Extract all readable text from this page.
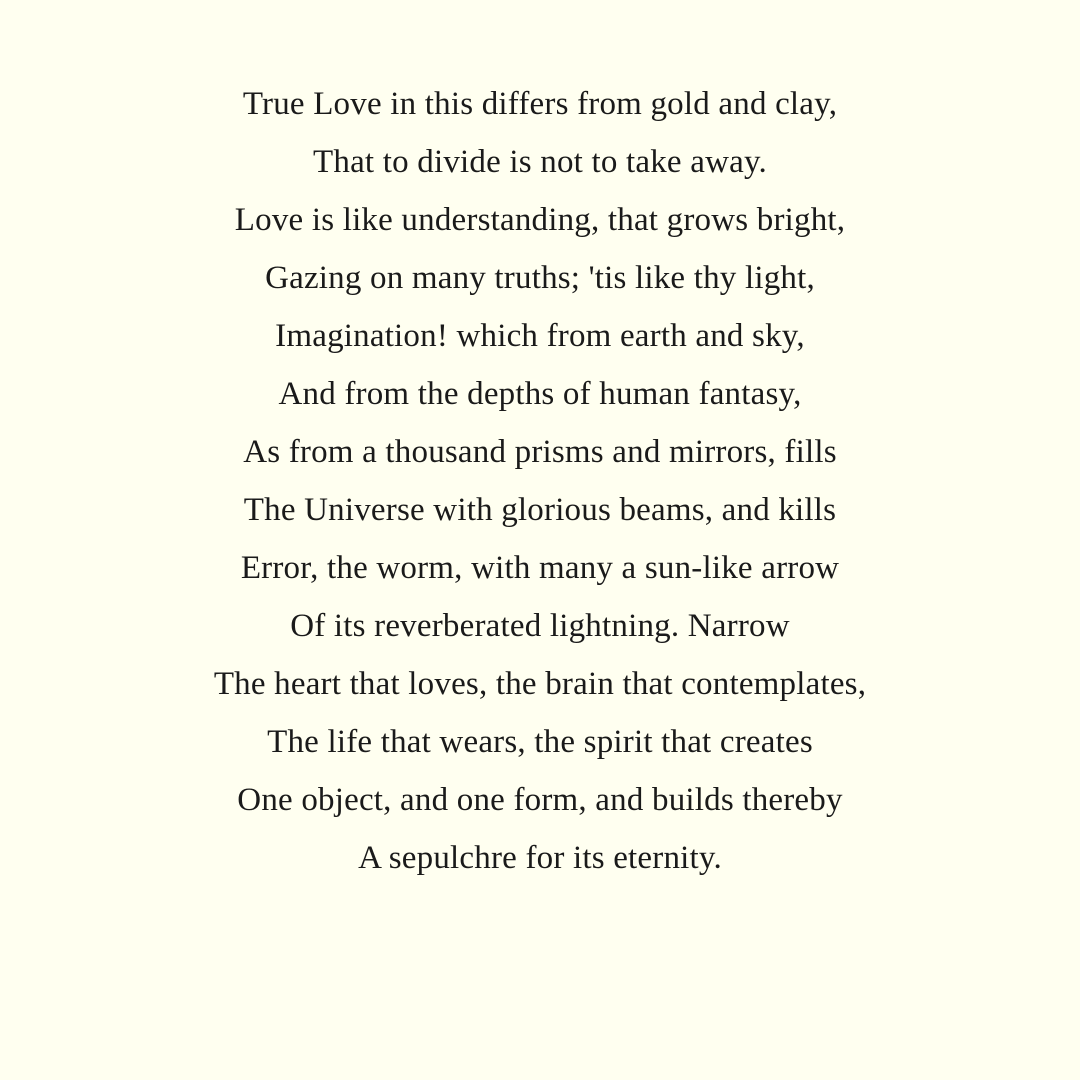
True Love in this differs from gold and clay,
That to divide is not to take away.
Love is like understanding, that grows bright,
Gazing on many truths; 'tis like thy light,
Imagination! which from earth and sky,
And from the depths of human fantasy,
As from a thousand prisms and mirrors, fills
The Universe with glorious beams, and kills
Error, the worm, with many a sun-like arrow
Of its reverberated lightning. Narrow
The heart that loves, the brain that contemplates,
The life that wears, the spirit that creates
One object, and one form, and builds thereby
A sepulchre for its eternity.
